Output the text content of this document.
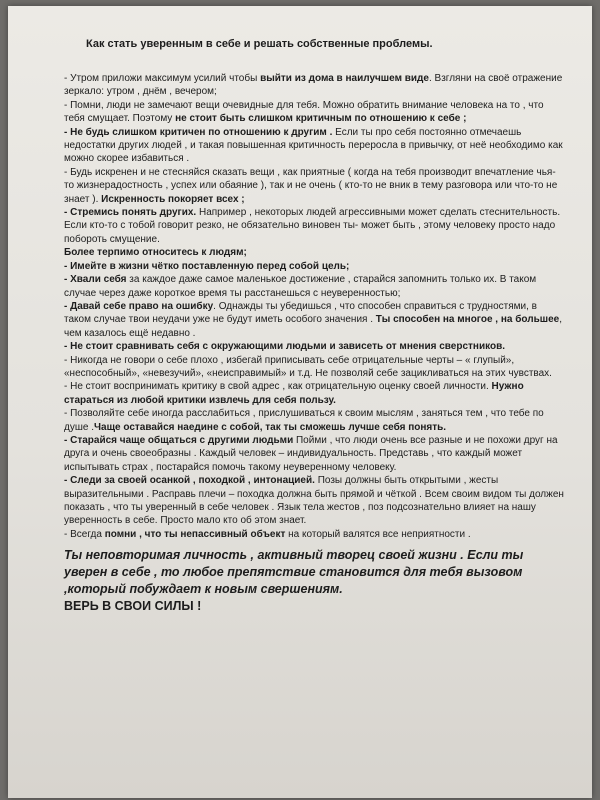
Как стать уверенным в себе и решать собственные проблемы.

- Утром приложи максимум усилий чтобы выйти из дома в наилучшем виде. Взгляни на своё отражение зеркало: утром , днём , вечером;

- Помни, люди не замечают вещи очевидные для тебя. Можно обратить внимание человека на то , что тебя смущает. Поэтому не стоит быть слишком критичным по отношению к себе ;

- Не будь слишком критичен по отношению к другим . Если ты про себя постоянно отмечаешь недостатки других людей , и такая повышенная критичность переросла в привычку, от неё необходимо как можно скорее избавиться .

- Будь искренен и не стесняйся сказать вещи , как приятные ( когда на тебя производит впечатление чья-то жизнерадостность , успех или обаяние ), так и не очень ( кто-то не вник в тему разговора или что-то не знает ). Искренность покоряет всех ;

- Стремись понять других. Например , некоторых людей агрессивными может сделать стеснительность. Если кто-то с тобой говорит резко, не обязательно виновен ты- может быть , этому человеку просто надо побороть смущение.

Более терпимо относитесь к людям;

- Имейте в жизни чётко поставленную перед собой цель;

- Хвали себя за каждое даже самое маленькое достижение , старайся запомнить только их. В таком случае через даже короткое время ты расстанешься с неуверенностью;

- Давай себе право на ошибку. Однажды ты убедишься , что способен справиться с трудностями, в таком случае твои неудачи уже не будут иметь особого значения . Ты способен на многое , на большее, чем казалось ещё недавно .

- Не стоит сравнивать себя с окружающими людьми и зависеть от мнения сверстников.

- Никогда не говори о себе плохо , избегай приписывать себе отрицательные черты – « глупый», «неспособный», «невезучий», «неисправимый» и т.д. Не позволяй себе зацикливаться на этих чувствах.

- Не стоит воспринимать критику в свой адрес , как отрицательную оценку своей личности. Нужно стараться из любой критики извлечь для себя пользу.

- Позволяйте себе иногда расслабиться , прислушиваться к своим мыслям , заняться тем , что тебе по душе .Чаще оставайся наедине с собой, так ты сможешь лучше себя понять.

- Старайся чаще общаться с другими людьми Пойми , что люди очень все разные и не похожи друг на друга и очень своеобразны . Каждый человек – индивидуальность. Представь , что каждый может испытывать страх , постарайся помочь такому неуверенному человеку.

- Следи за своей осанкой , походкой , интонацией. Позы должны быть открытыми , жесты выразительными . Расправь плечи – походка должна быть прямой и чёткой . Всем своим видом ты должен показать , что ты уверенный в себе человек . Язык тела жестов , поз подсознательно влияет на нашу уверенность в себе. Просто мало кто об этом знает.

- Всегда помни , что ты непассивный объект на который валятся все неприятности .

Ты неповторимая личность , активный творец своей жизни . Если ты уверен в себе , то любое препятствие становится для тебя вызовом ,который побуждает к новым свершениям.
ВЕРЬ В СВОИ СИЛЫ !
